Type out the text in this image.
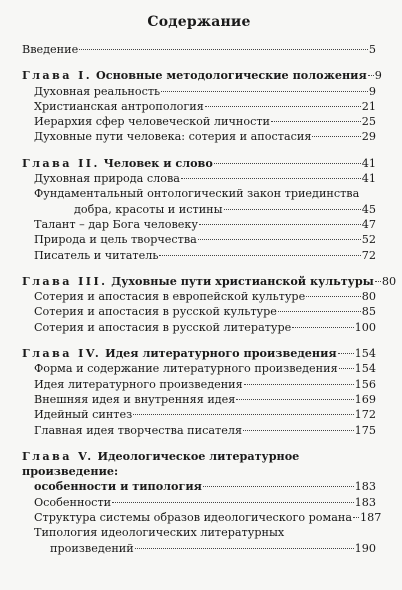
Содержание
Введение	5
Глава I. Основные методологические положения 9
Духовная реальность	9
Христианская антропология	21
Иерархия сфер человеческой личности	25
Духовные пути человека: сотерия и апостасия	29
Глава II. Человек и слово	41
Духовная природа слова	41
Фундаментальный онтологический закон триединства
добра, красоты и истины	45
Талант – дар Бога человеку	47
Природа и цель творчества	52
Писатель и читатель	72
Глава III. Духовные пути христианской культуры 80
Сотерия и апостасия в европейской культуре	80
Сотерия и апостасия в русской культуре	85
Сотерия и апостасия в русской литературе	100
Глава IV. Идея литературного произведения 154
Форма и содержание литературного произведения 154
Идея литературного произведения	156
Внешняя идея и внутренняя идея	169
Идейный синтез	172
Главная идея творчества писателя	175
Глава V. Идеологическое литературное произведение:
особенности и типология	183
Особенности	183
Структура системы образов идеологического романа 187
Типология идеологических литературных
произведений	190
